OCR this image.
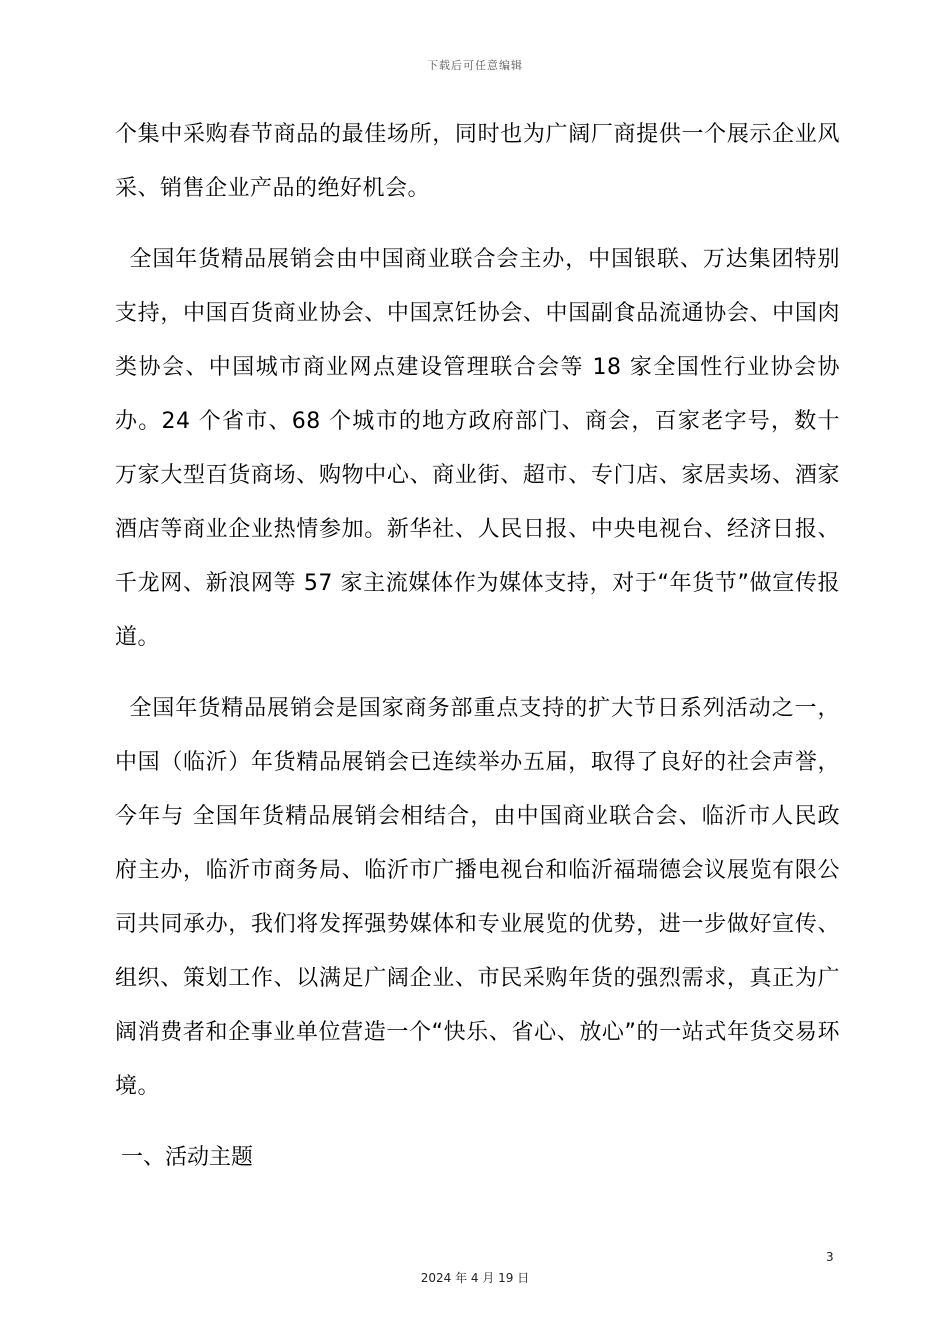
下载后可任意编辑

个集中采购春节商品的最佳场所，同时也为广阔厂商提供一个展示企业风采、销售企业产品的绝好机会。

全国年货精品展销会由中国商业联合会主办，中国银联、万达集团特别支持，中国百货商业协会、中国烹饪协会、中国副食品流通协会、中国肉类协会、中国城市商业网点建设管理联合会等 18 家全国性行业协会协办。24 个省市、68 个城市的地方政府部门、商会，百家老字号，数十万家大型百货商场、购物中心、商业街、超市、专门店、家居卖场、酒家酒店等商业企业热情参加。新华社、人民日报、中央电视台、经济日报、千龙网、新浪网等 57 家主流媒体作为媒体支持，对于“年货节”做宣传报道。

全国年货精品展销会是国家商务部重点支持的扩大节日系列活动之一，中国（临沂）年货精品展销会已连续举办五届，取得了良好的社会声誉，今年与 全国年货精品展销会相结合，由中国商业联合会、临沂市人民政府主办，临沂市商务局、临沂市广播电视台和临沂福瑞德会议展览有限公司共同承办，我们将发挥强势媒体和专业展览的优势，进一步做好宣传、组织、策划工作、以满足广阔企业、市民采购年货的强烈需求，真正为广阔消费者和企事业单位营造一个“快乐、省心、放心”的一站式年货交易环境。

一、活动主题

3
2024 年 4 月 19 日
